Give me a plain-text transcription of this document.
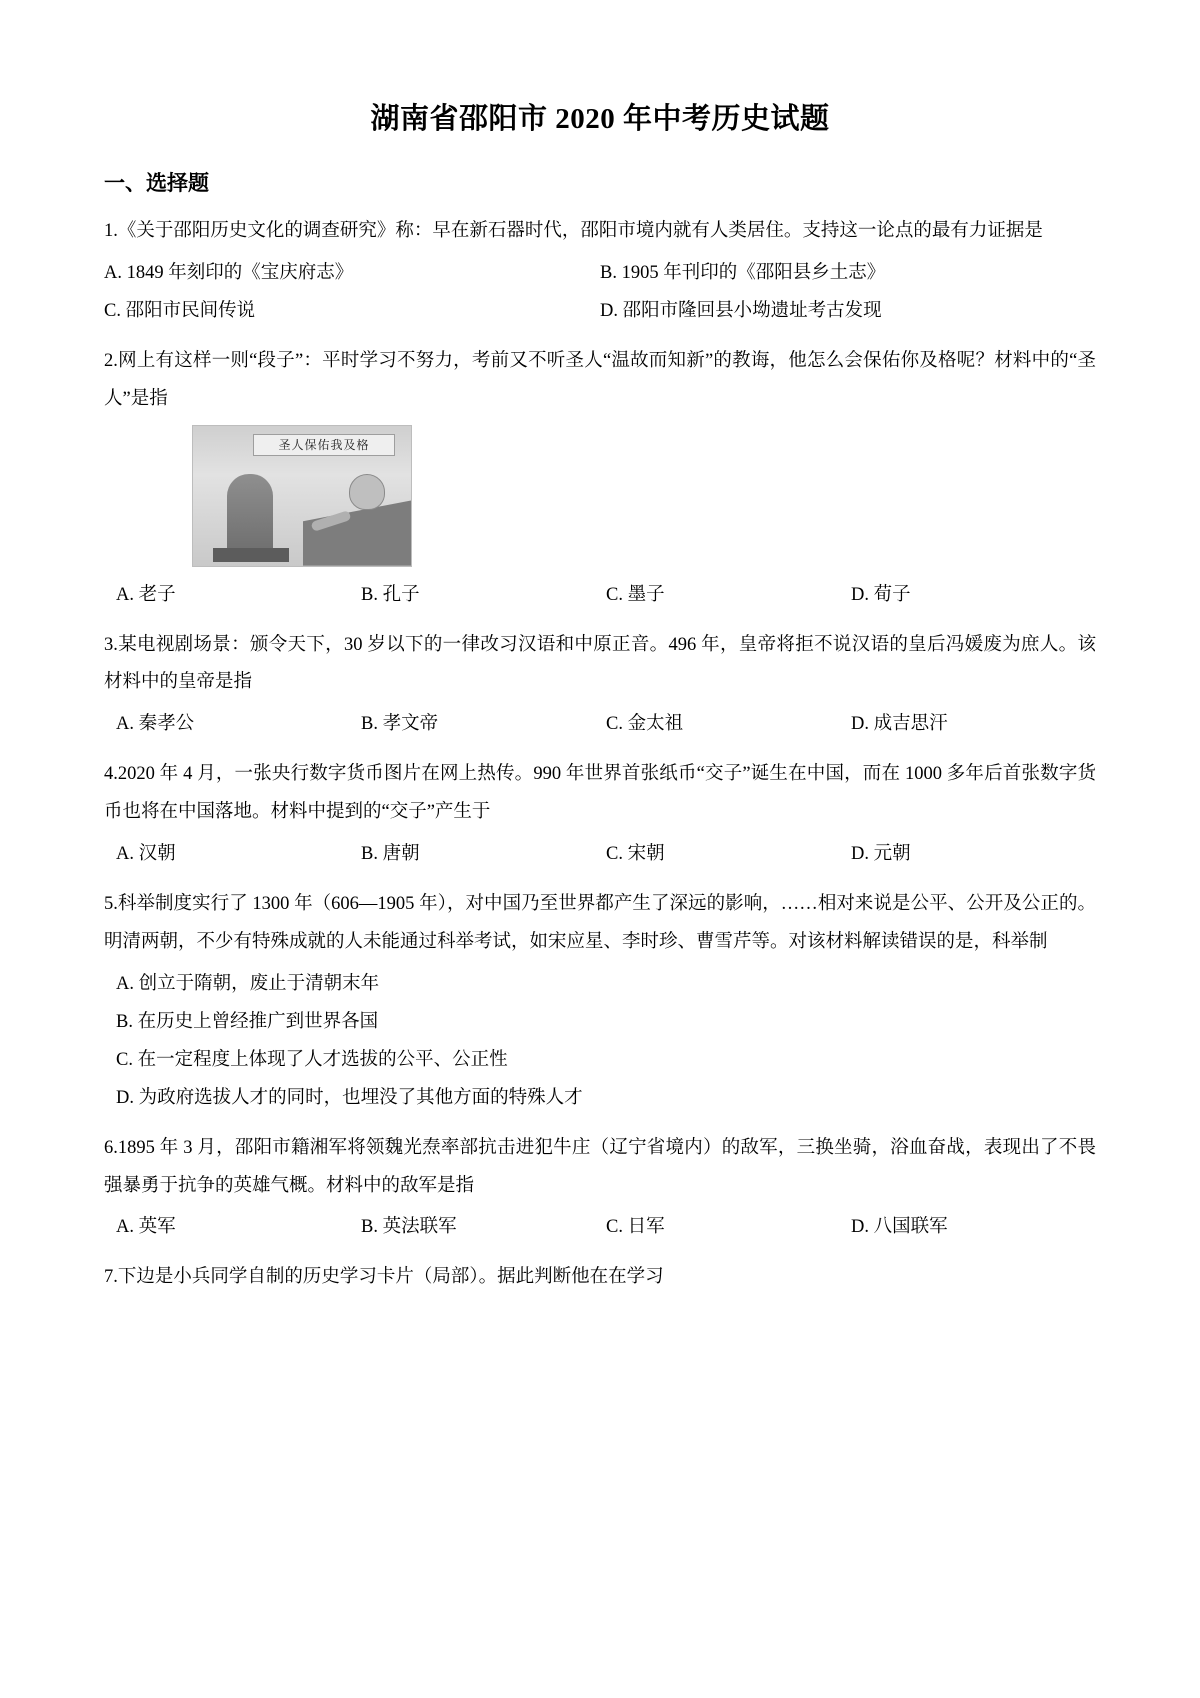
湖南省邵阳市 2020 年中考历史试题
一、选择题

1.《关于邵阳历史文化的调查研究》称：早在新石器时代，邵阳市境内就有人类居住。支持这一论点的最有力证据是

A. 1849 年刻印的《宝庆府志》	B. 1905 年刊印的《邵阳县乡土志》
C. 邵阳市民间传说	D. 邵阳市隆回县小坳遗址考古发现

2.网上有这样一则“段子”：平时学习不努力，考前又不听圣人“温故而知新”的教诲，他怎么会保佑你及格呢？材料中的“圣人”是指

圣人保佑我及格
A. 老子	B. 孔子	C. 墨子	D. 荀子

3.某电视剧场景：颁令天下，30 岁以下的一律改习汉语和中原正音。496 年，皇帝将拒不说汉语的皇后冯媛废为庶人。该材料中的皇帝是指

A. 秦孝公	B. 孝文帝	C. 金太祖	D. 成吉思汗

4.2020 年 4 月，一张央行数字货币图片在网上热传。990 年世界首张纸币“交子”诞生在中国，而在 1000 多年后首张数字货币也将在中国落地。材料中提到的“交子”产生于

A. 汉朝	B. 唐朝	C. 宋朝	D. 元朝

5.科举制度实行了 1300 年（606—1905 年），对中国乃至世界都产生了深远的影响，……相对来说是公平、公开及公正的。明清两朝，不少有特殊成就的人未能通过科举考试，如宋应星、李时珍、曹雪芹等。对该材料解读错误的是，科举制

A. 创立于隋朝，废止于清朝末年
B. 在历史上曾经推广到世界各国
C. 在一定程度上体现了人才选拔的公平、公正性
D. 为政府选拔人才的同时，也埋没了其他方面的特殊人才

6.1895 年 3 月，邵阳市籍湘军将领魏光焘率部抗击进犯牛庄（辽宁省境内）的敌军，三换坐骑，浴血奋战，表现出了不畏强暴勇于抗争的英雄气概。材料中的敌军是指

A. 英军	B. 英法联军	C. 日军	D. 八国联军

7.下边是小兵同学自制的历史学习卡片（局部）。据此判断他在在学习
